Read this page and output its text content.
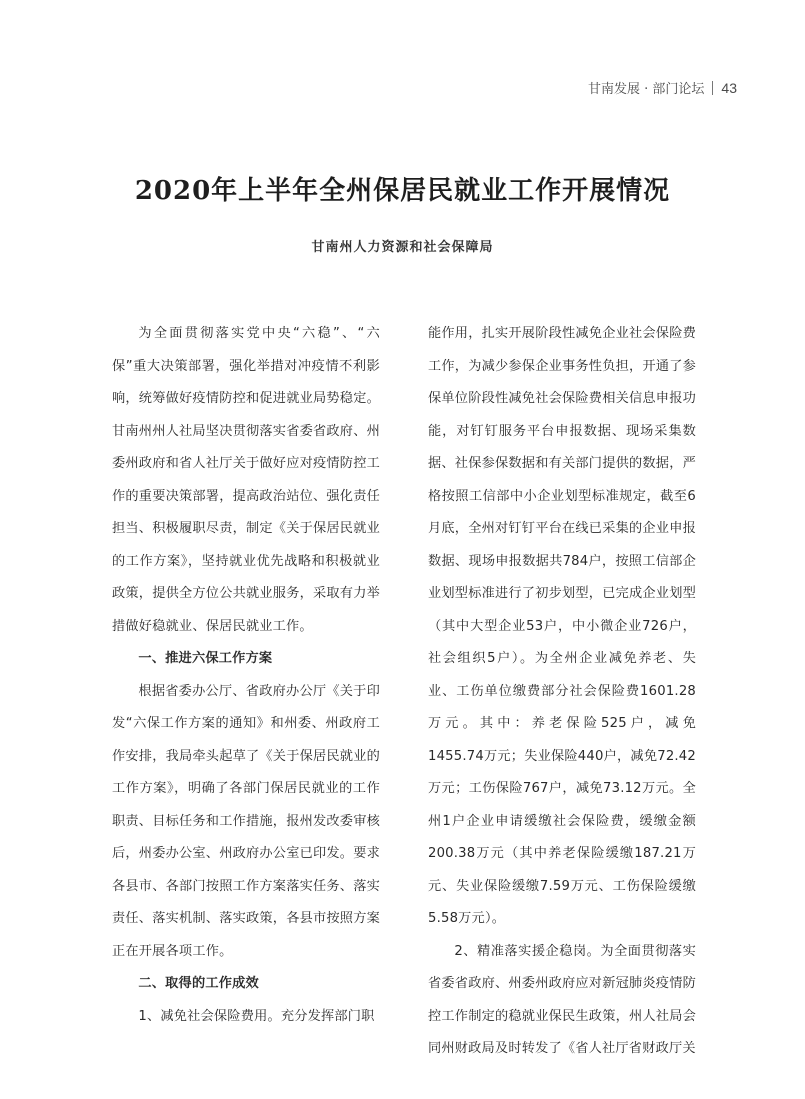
甘南发展 · 部门论坛 43
2020年上半年全州保居民就业工作开展情况
甘南州人力资源和社会保障局

为全面贯彻落实党中央“六稳”、“六保”重大决策部署，强化举措对冲疫情不利影响，统筹做好疫情防控和促进就业局势稳定。甘南州州人社局坚决贯彻落实省委省政府、州委州政府和省人社厅关于做好应对疫情防控工作的重要决策部署，提高政治站位、强化责任担当、积极履职尽责，制定《关于保居民就业的工作方案》，坚持就业优先战略和积极就业政策，提供全方位公共就业服务，采取有力举措做好稳就业、保居民就业工作。

一、推进六保工作方案

根据省委办公厅、省政府办公厅《关于印发“六保工作方案的通知》和州委、州政府工作安排，我局牵头起草了《关于保居民就业的工作方案》，明确了各部门保居民就业的工作职责、目标任务和工作措施，报州发改委审核后，州委办公室、州政府办公室已印发。要求各县市、各部门按照工作方案落实任务、落实责任、落实机制、落实政策，各县市按照方案正在开展各项工作。

二、取得的工作成效

1、减免社会保险费用。充分发挥部门职

能作用，扎实开展阶段性减免企业社会保险费工作，为减少参保企业事务性负担，开通了参保单位阶段性减免社会保险费相关信息申报功能，对钉钉服务平台申报数据、现场采集数据、社保参保数据和有关部门提供的数据，严格按照工信部中小企业划型标准规定，截至6月底，全州对钉钉平台在线已采集的企业申报数据、现场申报数据共784户，按照工信部企业划型标准进行了初步划型，已完成企业划型（其中大型企业53户，中小微企业726户，社会组织5户）。为全州企业减免养老、失业、工伤单位缴费部分社会保险费1601.28万元。其中：养老保险525户，减免1455.74万元；失业保险440户，减免72.42万元；工伤保险767户，减免73.12万元。全州1户企业申请缓缴社会保险费，缓缴金额200.38万元（其中养老保险缓缴187.21万元、失业保险缓缴7.59万元、工伤保险缓缴5.58万元）。

2、精准落实援企稳岗。为全面贯彻落实省委省政府、州委州政府应对新冠肺炎疫情防控工作制定的稳就业保民生政策，州人社局会同州财政局及时转发了《省人社厅省财政厅关
